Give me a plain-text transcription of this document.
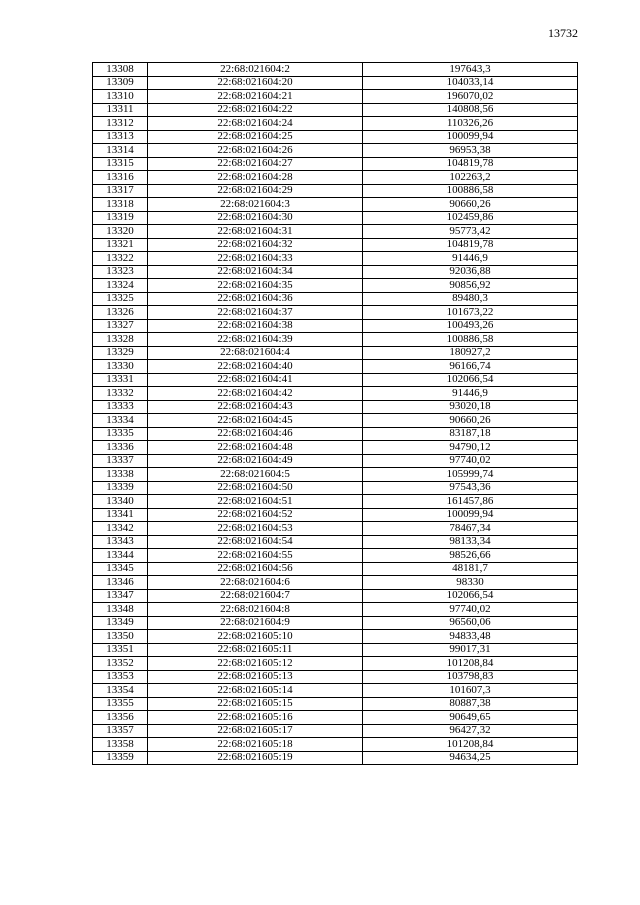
13732
13308	22:68:021604:2	197643,3
13309	22:68:021604:20	104033,14
13310	22:68:021604:21	196070,02
13311	22:68:021604:22	140808,56
13312	22:68:021604:24	110326,26
13313	22:68:021604:25	100099,94
13314	22:68:021604:26	96953,38
13315	22:68:021604:27	104819,78
13316	22:68:021604:28	102263,2
13317	22:68:021604:29	100886,58
13318	22:68:021604:3	90660,26
13319	22:68:021604:30	102459,86
13320	22:68:021604:31	95773,42
13321	22:68:021604:32	104819,78
13322	22:68:021604:33	91446,9
13323	22:68:021604:34	92036,88
13324	22:68:021604:35	90856,92
13325	22:68:021604:36	89480,3
13326	22:68:021604:37	101673,22
13327	22:68:021604:38	100493,26
13328	22:68:021604:39	100886,58
13329	22:68:021604:4	180927,2
13330	22:68:021604:40	96166,74
13331	22:68:021604:41	102066,54
13332	22:68:021604:42	91446,9
13333	22:68:021604:43	93020,18
13334	22:68:021604:45	90660,26
13335	22:68:021604:46	83187,18
13336	22:68:021604:48	94790,12
13337	22:68:021604:49	97740,02
13338	22:68:021604:5	105999,74
13339	22:68:021604:50	97543,36
13340	22:68:021604:51	161457,86
13341	22:68:021604:52	100099,94
13342	22:68:021604:53	78467,34
13343	22:68:021604:54	98133,34
13344	22:68:021604:55	98526,66
13345	22:68:021604:56	48181,7
13346	22:68:021604:6	98330
13347	22:68:021604:7	102066,54
13348	22:68:021604:8	97740,02
13349	22:68:021604:9	96560,06
13350	22:68:021605:10	94833,48
13351	22:68:021605:11	99017,31
13352	22:68:021605:12	101208,84
13353	22:68:021605:13	103798,83
13354	22:68:021605:14	101607,3
13355	22:68:021605:15	80887,38
13356	22:68:021605:16	90649,65
13357	22:68:021605:17	96427,32
13358	22:68:021605:18	101208,84
13359	22:68:021605:19	94634,25
